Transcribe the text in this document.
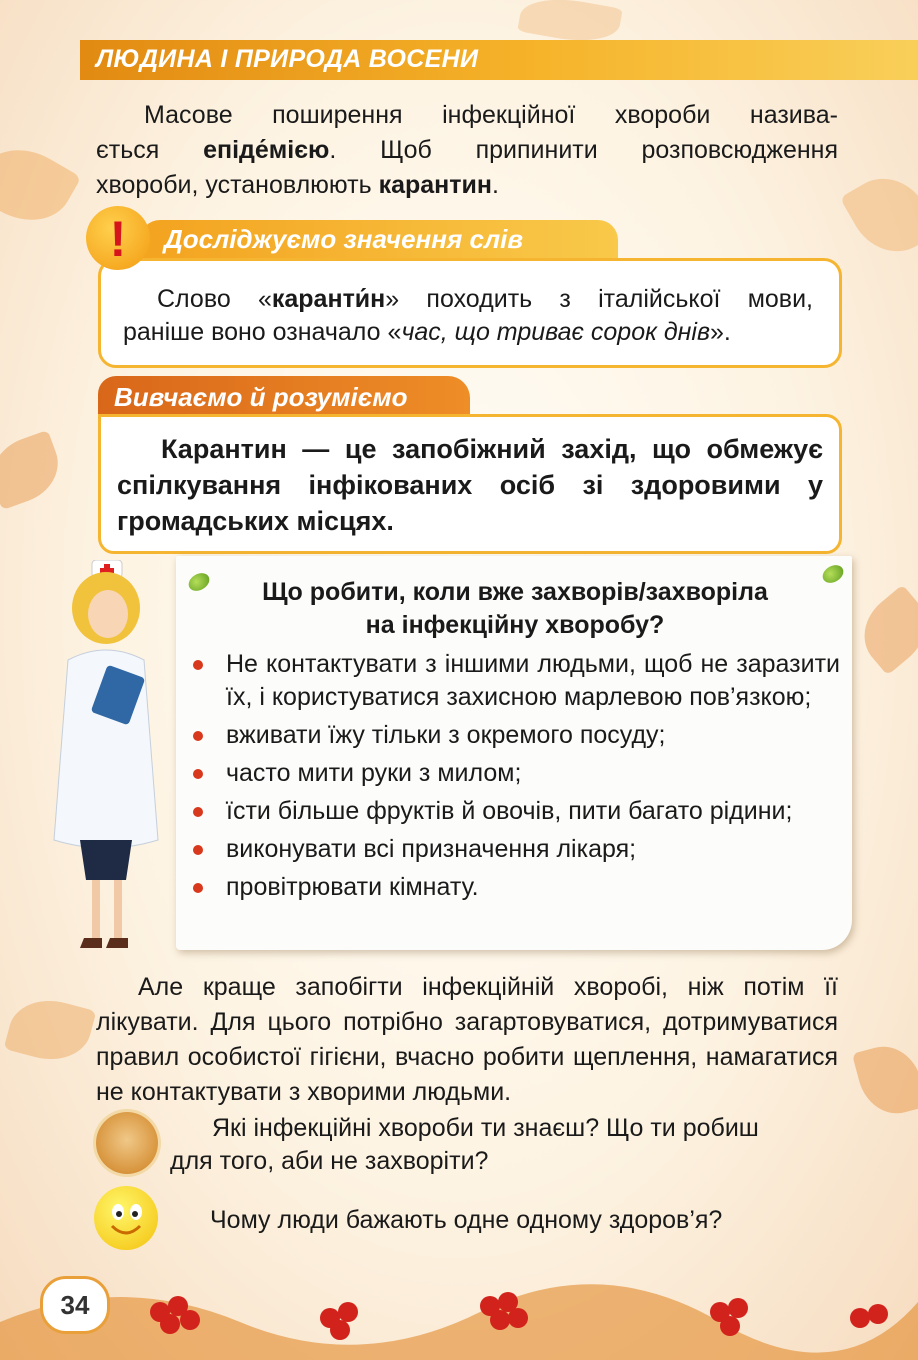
ЛЮДИНА І ПРИРОДА ВОСЕНИ
Масове поширення інфекційної хвороби назива-
ється епіде́мією. Щоб припинити розповсюдження
хвороби, установлюють карантин.
Досліджуємо значення слів
Слово «каранти́н» походить з італійської мови,
раніше воно означало «час, що триває сорок днів».
!
Вивчаємо й розуміємо
Карантин — це запобіжний захід, що обмежує спілкування інфікованих осіб зі здоровими у громадських місцях.
Що робити, коли вже захворів/захворіла
на інфекційну хворобу?
Не контактувати з іншими людьми, щоб не заразити їх, і користуватися захисною марлевою пов’язкою;
вживати їжу тільки з окремого посуду;
часто мити руки з милом;
їсти більше фруктів й овочів, пити багато рідини;
виконувати всі призначення лікаря;
провітрювати кімнату.
Але краще запобігти інфекційній хворобі, ніж потім її лікувати. Для цього потрібно загартовуватися, дотримуватися правил особистої гігієни, вчасно робити щеплення, намагатися не контактувати з хворими людьми.
Які інфекційні хвороби ти знаєш? Що ти робиш
для того, аби не захворіти?
Чому люди бажають одне одному здоров’я?
34
